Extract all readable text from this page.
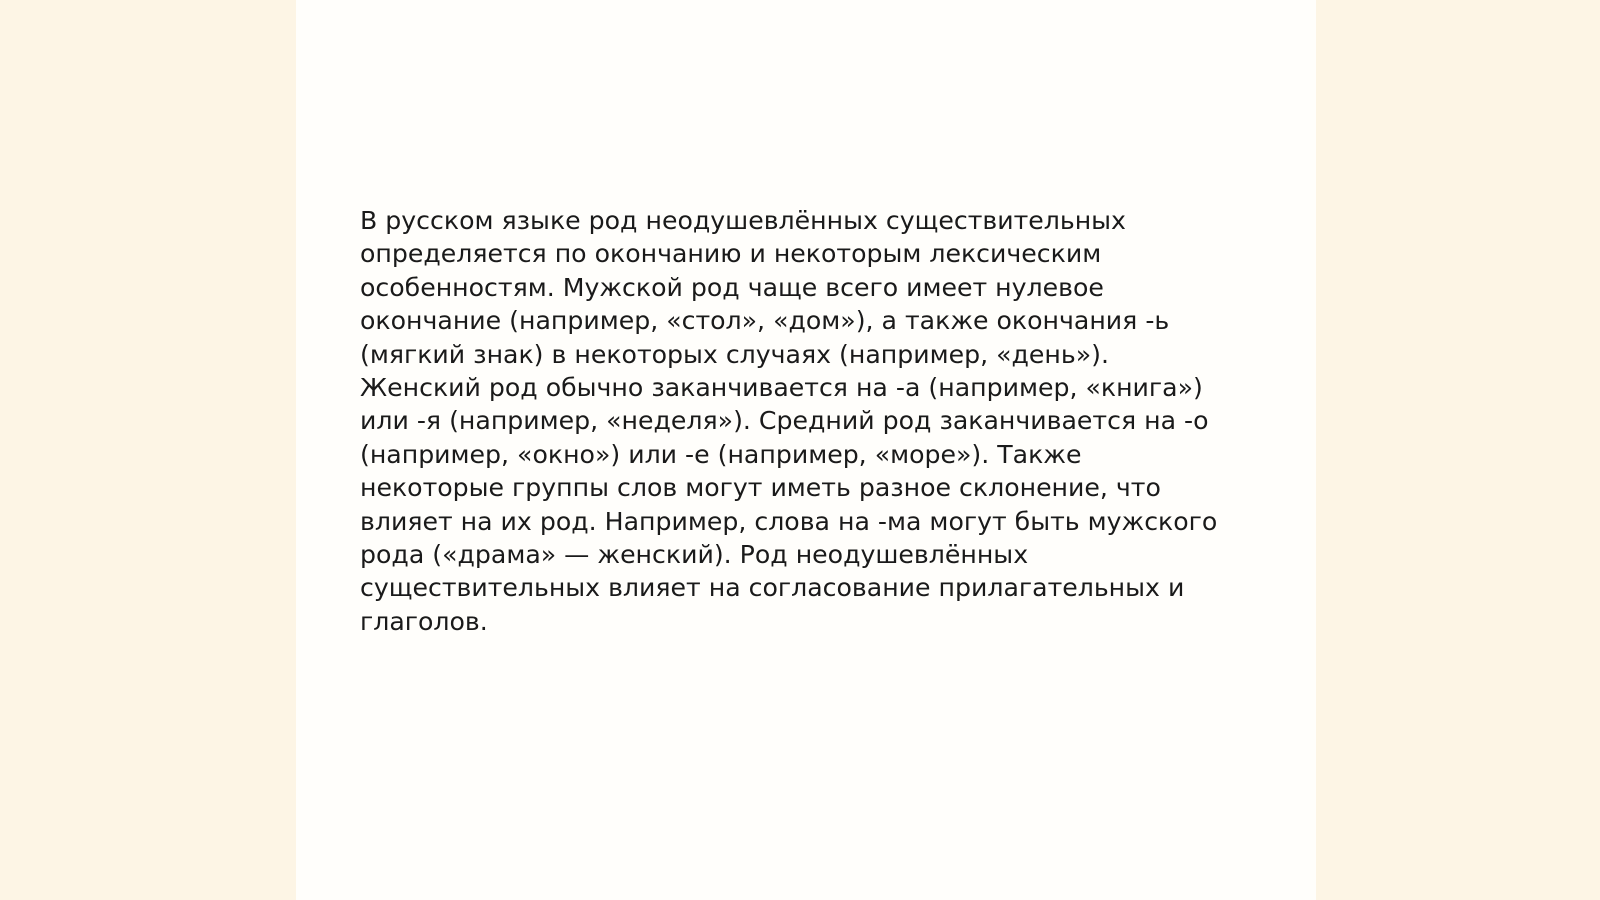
В русском языке род неодушевлённых существительных
определяется по окончанию и некоторым лексическим
особенностям. Мужской род чаще всего имеет нулевое
окончание (например, «стол», «дом»), а также окончания -ь
(мягкий знак) в некоторых случаях (например, «день»).
Женский род обычно заканчивается на -а (например, «книга»)
или -я (например, «неделя»). Средний род заканчивается на -о
(например, «окно») или -е (например, «море»). Также
некоторые группы слов могут иметь разное склонение, что
влияет на их род. Например, слова на -ма могут быть мужского
рода («драма» — женский). Род неодушевлённых
существительных влияет на согласование прилагательных и
глаголов.
